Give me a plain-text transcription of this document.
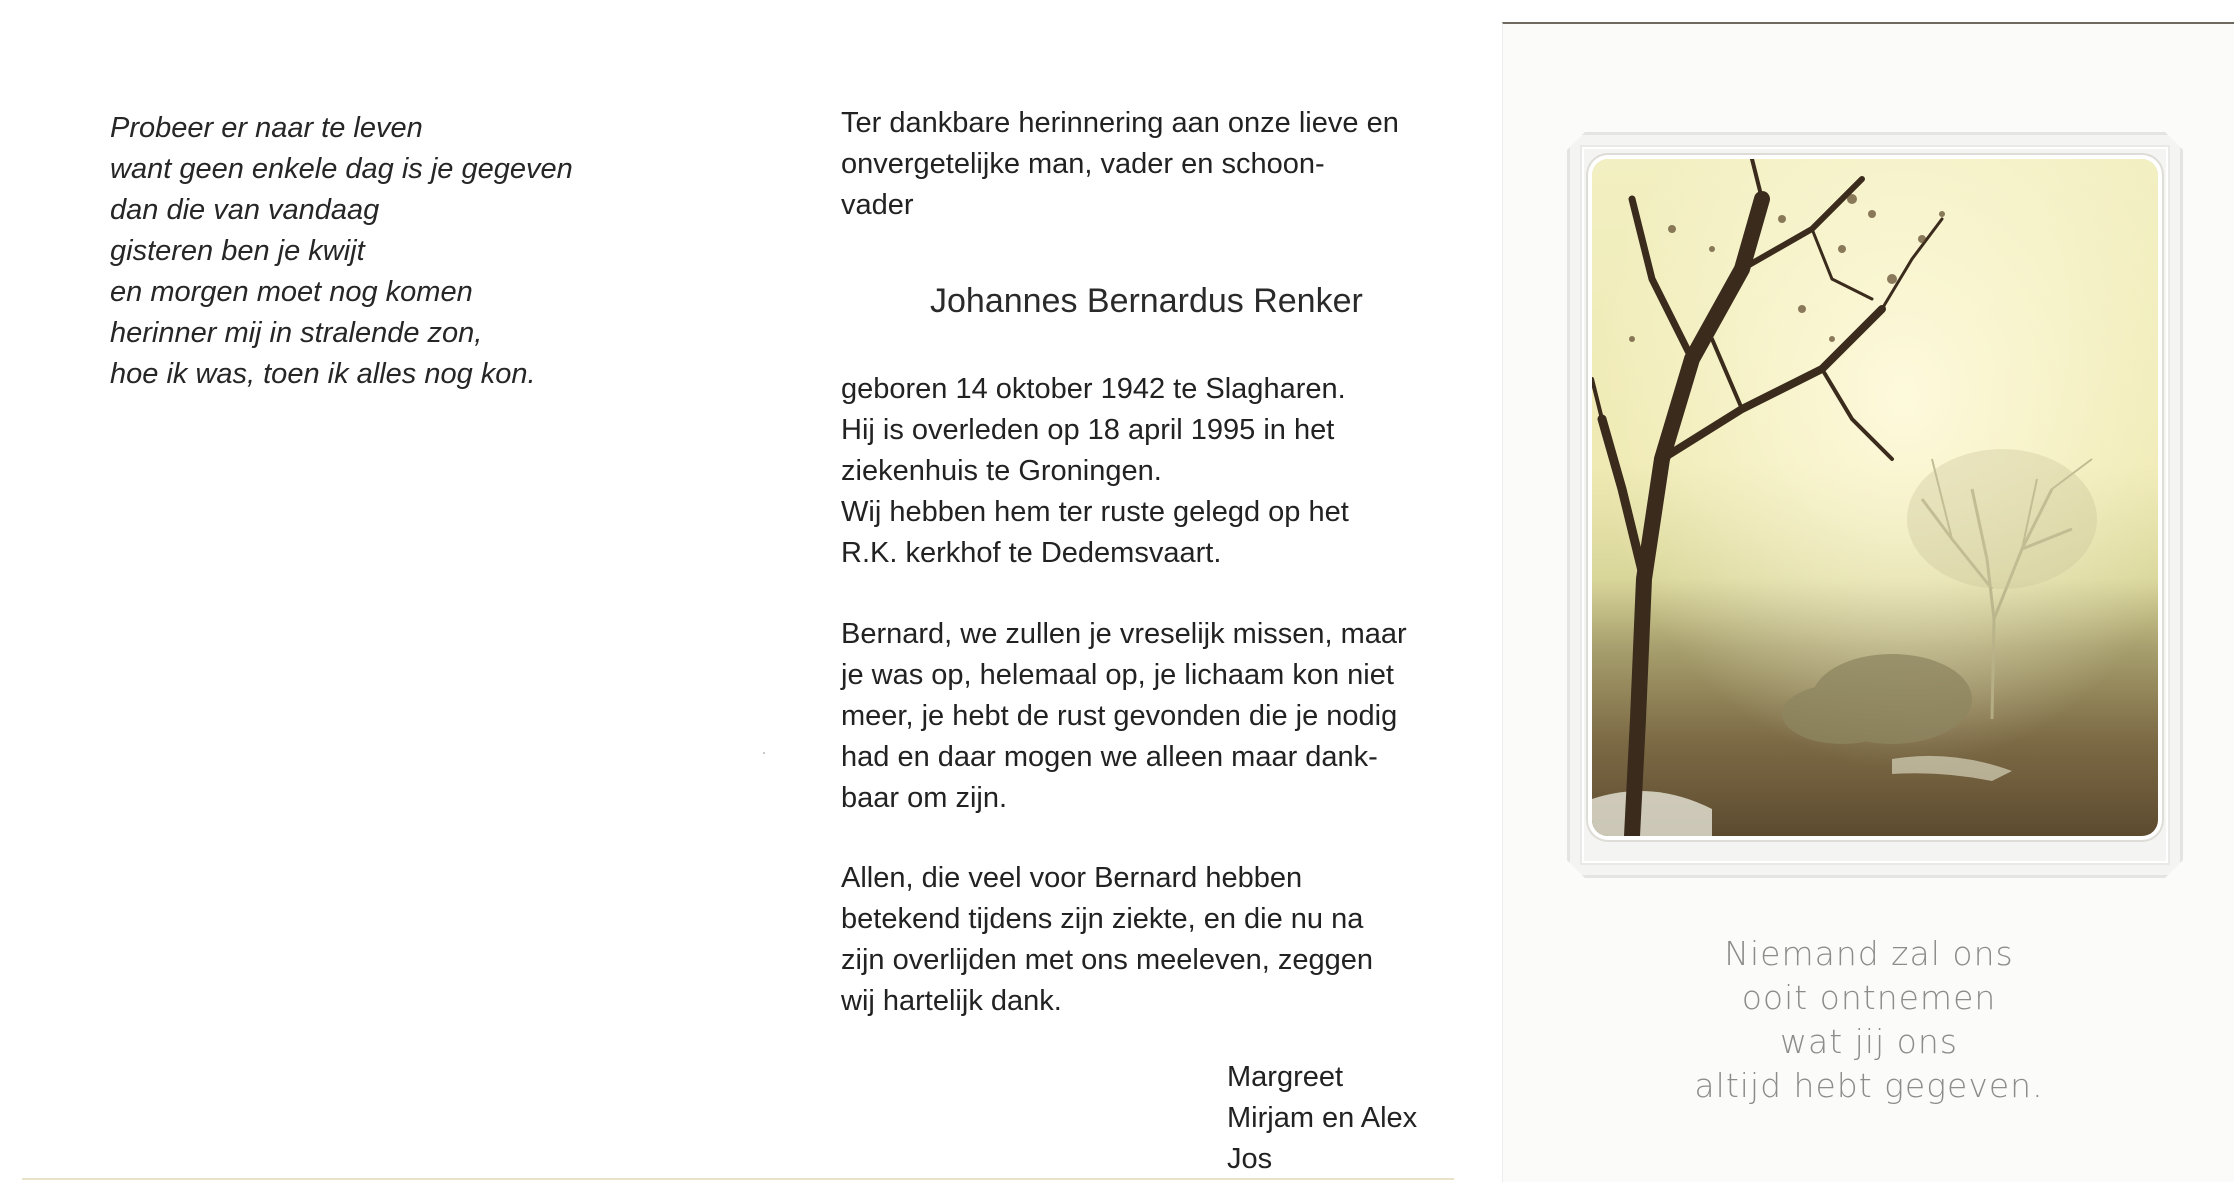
Probeer er naar te leven
want geen enkele dag is je gegeven
dan die van vandaag
gisteren ben je kwijt
en morgen moet nog komen
herinner mij in stralende zon,
hoe ik was, toen ik alles nog kon.
Ter dankbare herinnering aan onze lieve en
onvergetelijke man, vader en schoon-
vader
Johannes Bernardus Renker
geboren 14 oktober 1942 te Slagharen.
Hij is overleden op 18 april 1995 in het
ziekenhuis te Groningen.
Wij hebben hem ter ruste gelegd op het
R.K. kerkhof te Dedemsvaart.
Bernard, we zullen je vreselijk missen, maar
je was op, helemaal op, je lichaam kon niet
meer, je hebt de rust gevonden die je nodig
had en daar mogen we alleen maar dank-
baar om zijn.
Allen, die veel voor Bernard hebben
betekend tijdens zijn ziekte, en die nu na
zijn overlijden met ons meeleven, zeggen
wij hartelijk dank.
Margreet
Mirjam en Alex
Jos
Niemand zal ons
ooit ontnemen
wat jij ons
altijd hebt gegeven.
